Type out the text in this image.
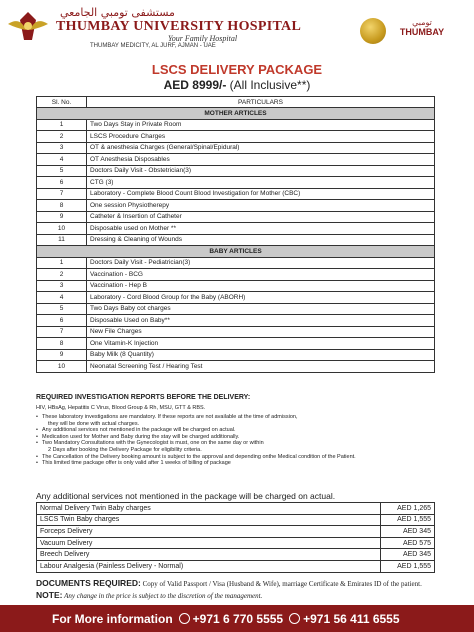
مستشفى تومبي الجامعي
THUMBAY UNIVERSITY HOSPITAL
Your Family Hospital
THUMBAY MEDICITY, AL JURF, AJMAN - UAE
تومبي
THUMBAY
LSCS DELIVERY PACKAGE
AED 8999/- (All Inclusive**)
Sl. No.	PARTICULARS
MOTHER ARTICLES	
1	Two Days Stay in Private Room
2	LSCS Procedure Charges
3	OT & anesthesia Charges (General/Spinal/Epidural)
4	OT Anesthesia Disposables
5	Doctors Daily Visit - Obstetrician(3)
6	CTG (3)
7	Laboratory - Complete Blood Count Blood Investigation for Mother (CBC)
8	One session Physiotherepy
9	Catheter & Insertion of Catheter
10	Disposable used on Mother **
11	Dressing & Cleaning of Wounds
BABY ARTICLES	
1	Doctors Daily Visit - Pediatrician(3)
2	Vaccination - BCG
3	Vaccination - Hep B
4	Laboratory - Cord Blood Group for the Baby (ABORH)
5	Two Days Baby cot charges
6	Disposable Used on Baby**
7	New File Charges
8	One Vitamin-K Injection
9	Baby Milk (8 Quantity)
10	Neonatal Screening Test / Hearing Test
REQUIRED INVESTIGATION REPORTS BEFORE THE DELIVERY:
HIV, HBsAg, Hepatitis C Virus, Blood Group & Rh, MSU, GTT & RBS.
• These laboratory investigations are mandatory. If these reports are not available at the time of admission,
they will be done with actual charges.
• Any additional services not mentioned in the package will be charged on actual.
• Medication used for Mother and Baby during the stay will be charged additionally.
• Two Mandatory Consultations with the Gynecologist is must, one on the same day or within
2 Days after booking the Delivery Package for eligibility criteria.
• The Cancellation of the Delivery booking amount is subject to the approval and depending onthe Medical condition of the Patient.
• This limited time package offer is only valid after 1 weeks of billing of package
Any additional services not mentioned in the package will be charged on actual.
Normal Delivery Twin Baby charges	AED 1,265
LSCS Twin Baby charges	AED 1,555
Forceps Delivery	AED 345
Vacuum Delivery	AED 575
Breech Delivery	AED 345
Labour Analgesia (Painless Delivery - Normal)	AED 1,555
DOCUMENTS REQUIRED: Copy of Valid Passport / Visa (Husband & Wife), marriage Certificate & Emirates ID of the patient.
NOTE: Any change in the price is subject to the discretion of the management.
For More information +971 6 770 5555 +971 56 411 6555
